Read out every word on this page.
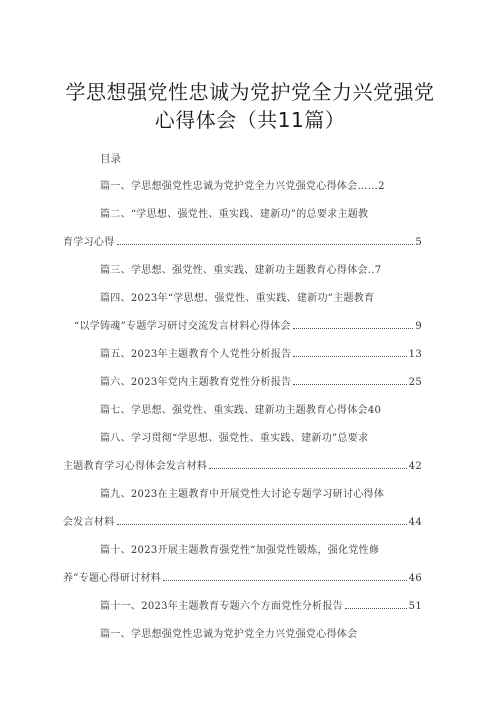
学思想强党性忠诚为党护党全力兴党强党
心得体会（共11篇）
目录
篇一、学思想强党性忠诚为党护党全力兴党强党心得体会……2
篇二、“学思想、强党性、重实践、建新功”的总要求主题教
育学习心得	5
篇三、学思想、强党性、重实践、建新功主题教育心得体会..7
篇四、2023年“学思想、强党性、重实践、建新功”主题教育
“以学铸魂”专题学习研讨交流发言材料心得体会	9
篇五、2023年主题教育个人党性分析报告	13
篇六、2023年党内主题教育党性分析报告	25
篇七、学思想、强党性、重实践、建新功主题教育心得体会40
篇八、学习贯彻“学思想、强党性、重实践、建新功”总要求
主题教育学习心得体会发言材料	42
篇九、2023在主题教育中开展党性大讨论专题学习研讨心得体
会发言材料	44
篇十、2023开展主题教育强党性“加强党性锻炼，强化党性修
养”专题心得研讨材料	46
篇十一、2023年主题教育专题六个方面党性分析报告	51
篇一、学思想强党性忠诚为党护党全力兴党强党心得体会
